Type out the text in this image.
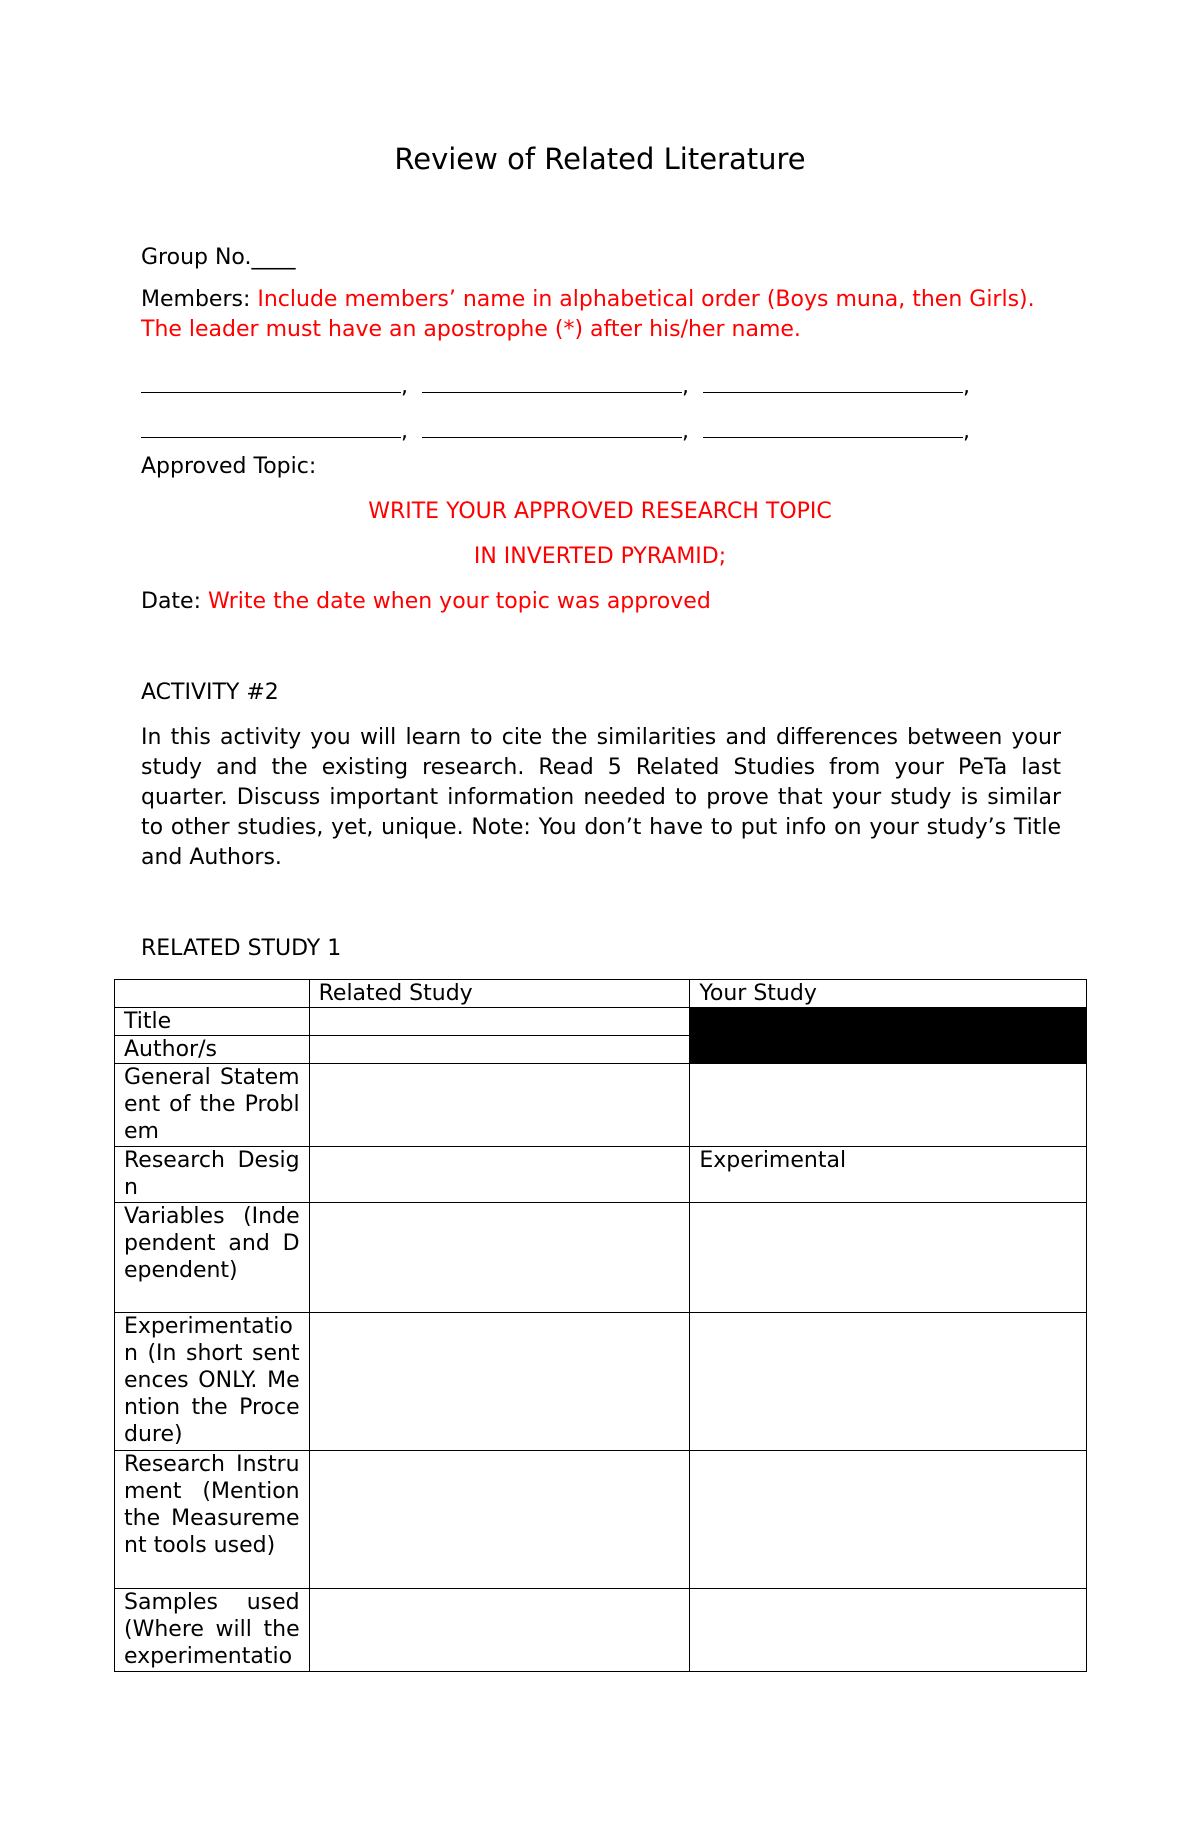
Review of Related Literature
Group No.____
Members: Include members’ name in alphabetical order (Boys muna, then Girls). The leader must have an apostrophe (*) after his/her name.
,	,	,
,	,	,
Approved Topic:
WRITE YOUR APPROVED RESEARCH TOPIC
IN INVERTED PYRAMID;
Date: Write the date when your topic was approved
ACTIVITY #2
In this activity you will learn to cite the similarities and differences between your study and the existing research. Read 5 Related Studies from your PeTa last quarter. Discuss important information needed to prove that your study is similar to other studies, yet, unique. Note: You don’t have to put info on your study’s Title and Authors.
RELATED STUDY 1
	Related Study	Your Study
Title		
Author/s		
General Statement of the Problem		
Research Design		Experimental
Variables (Independent and Dependent)		
Experimentation (In short sentences ONLY. Mention the Procedure)		
Research Instrument (Mention the Measurement tools used)		
Samples used (Where will the experimentatio		
